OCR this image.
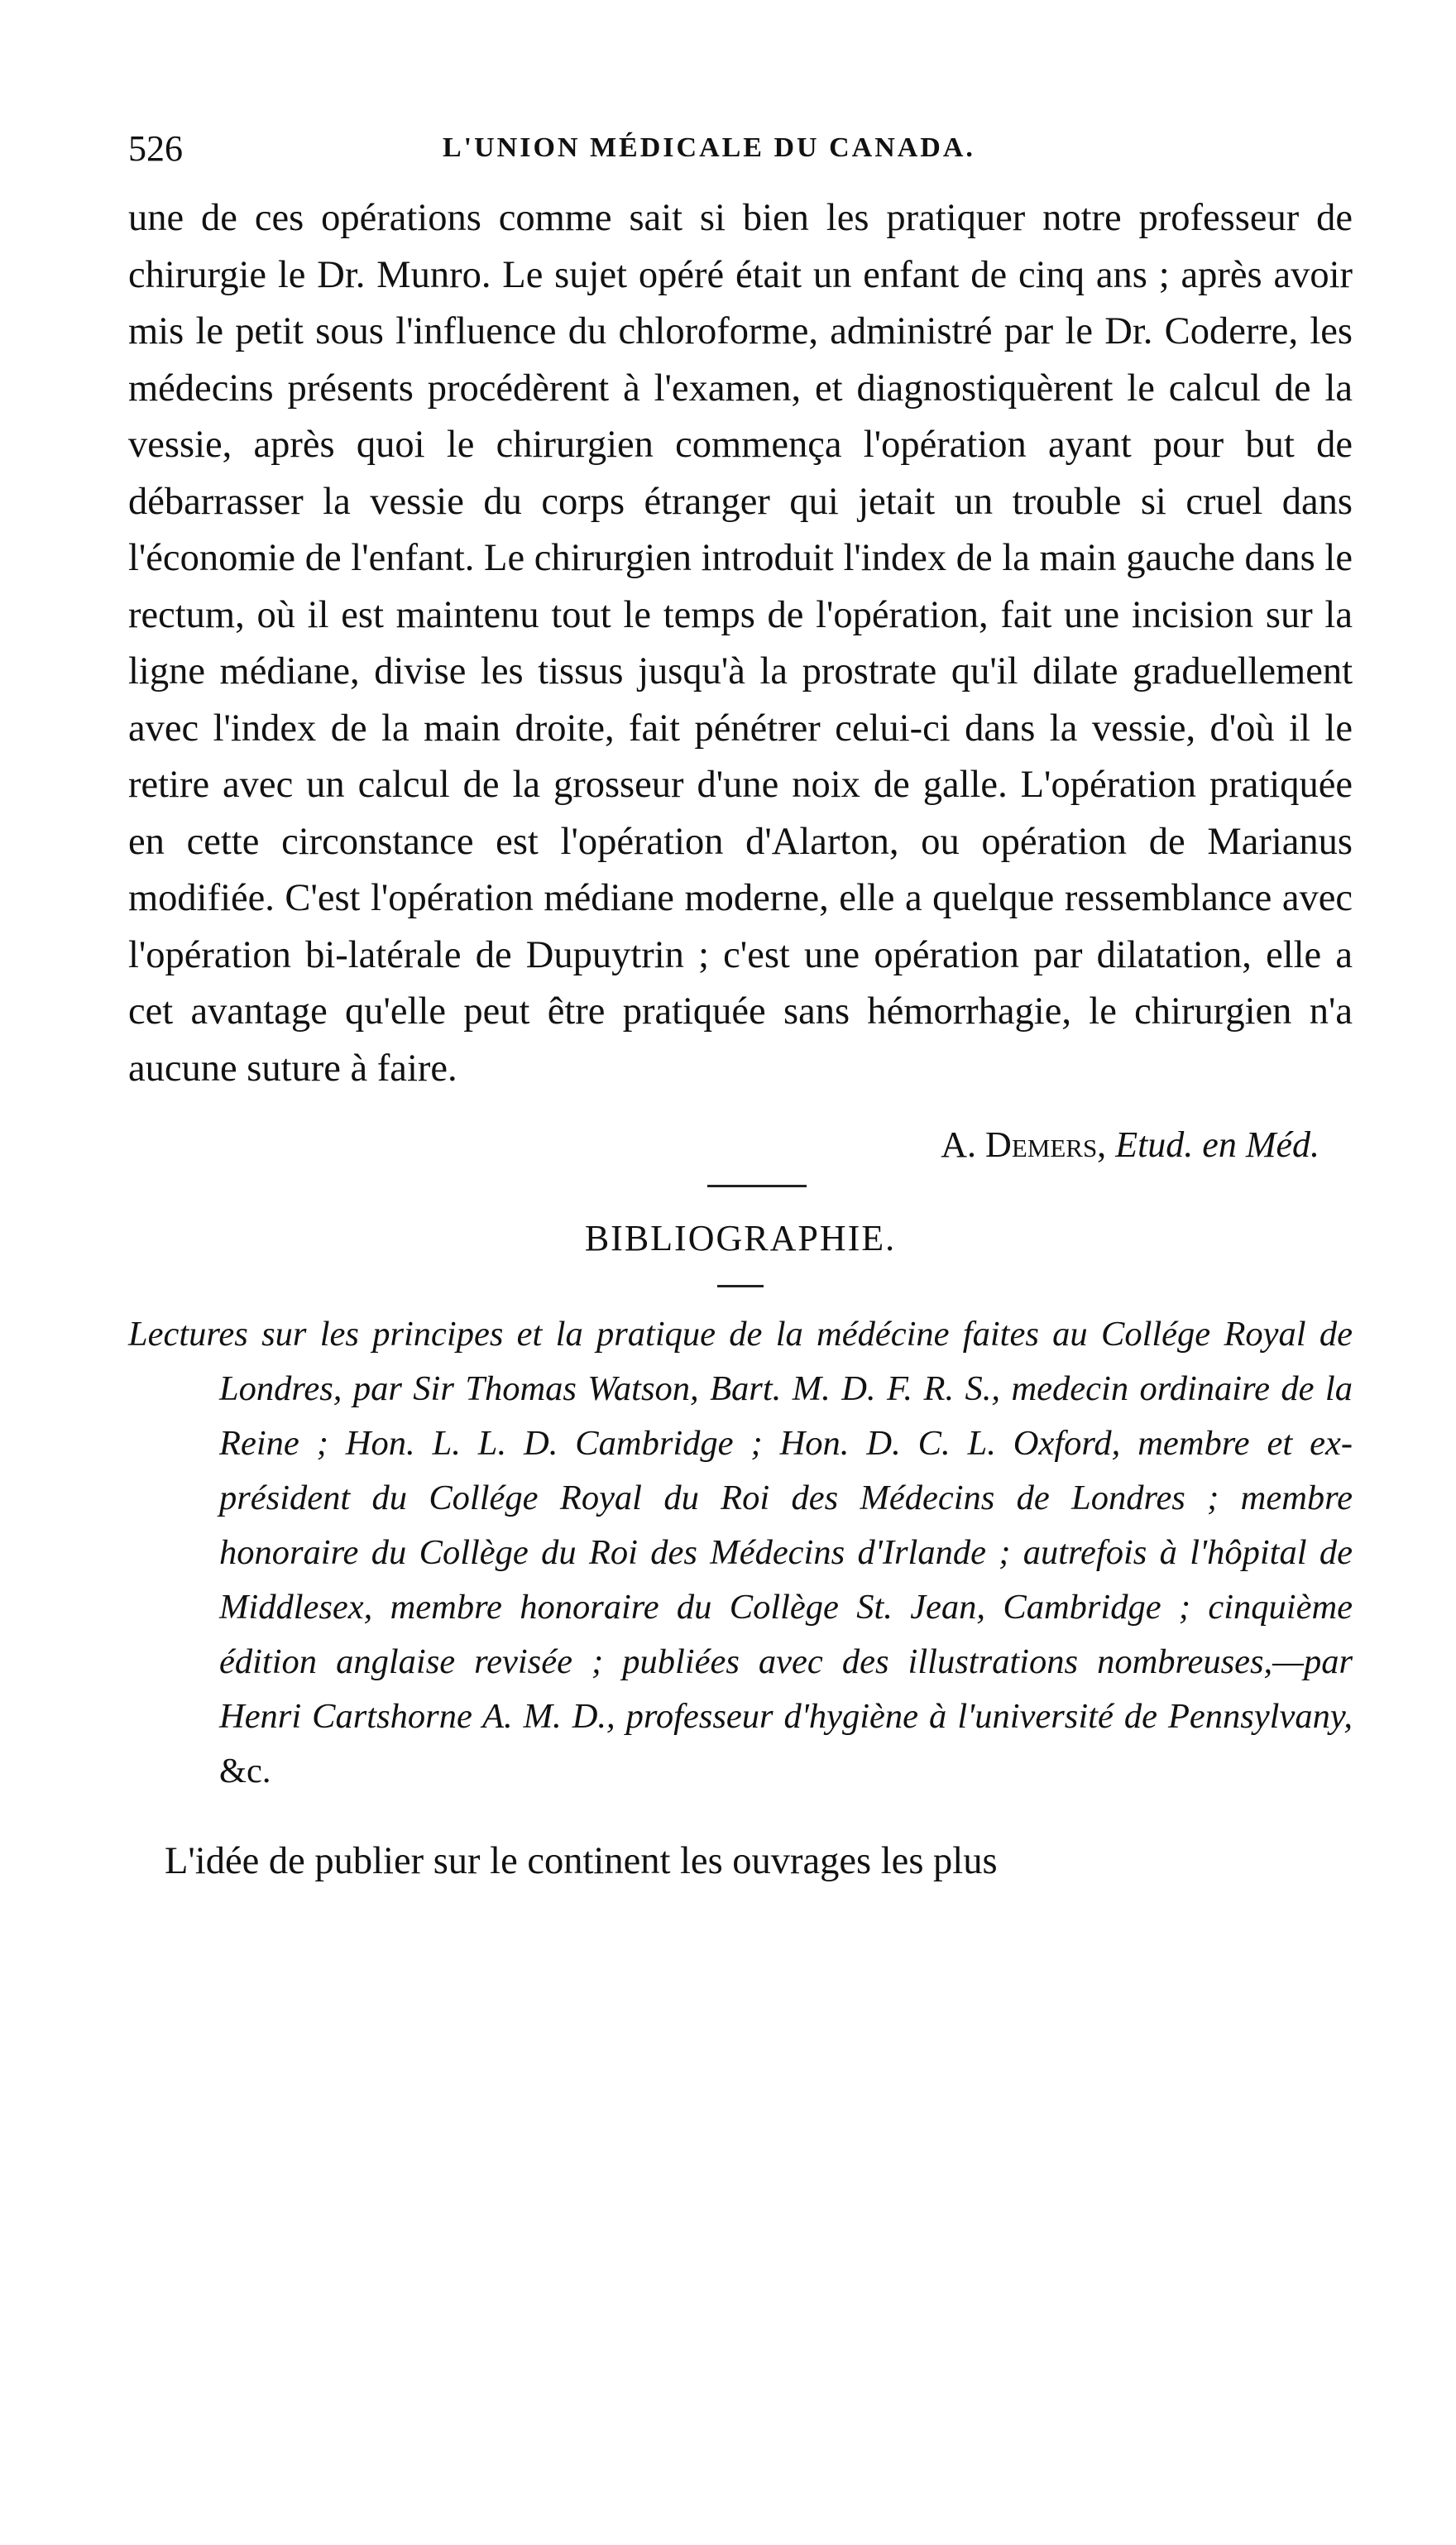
526	L'UNION MÉDICALE DU CANADA.

une de ces opérations comme sait si bien les pratiquer notre professeur de chirurgie le Dr. Munro. Le sujet opéré était un enfant de cinq ans ; après avoir mis le petit sous l'influence du chloroforme, administré par le Dr. Coderre, les médecins présents procédèrent à l'examen, et diagnostiquèrent le calcul de la vessie, après quoi le chirurgien commença l'opération ayant pour but de débarrasser la vessie du corps étranger qui jetait un trouble si cruel dans l'économie de l'enfant. Le chirurgien introduit l'index de la main gauche dans le rectum, où il est maintenu tout le temps de l'opération, fait une incision sur la ligne médiane, divise les tissus jusqu'à la prostrate qu'il dilate graduellement avec l'index de la main droite, fait pénétrer celui-ci dans la vessie, d'où il le retire avec un calcul de la grosseur d'une noix de galle. L'opération pratiquée en cette circonstance est l'opération d'Alarton, ou opération de Marianus modifiée. C'est l'opération médiane moderne, elle a quelque ressemblance avec l'opération bi-latérale de Dupuytrin ; c'est une opération par dilatation, elle a cet avantage qu'elle peut être pratiquée sans hémorrhagie, le chirurgien n'a aucune suture à faire.

A. Demers, Etud. en Méd.
BIBLIOGRAPHIE.

Lectures sur les principes et la pratique de la médécine faites au Collége Royal de Londres, par Sir Thomas Watson, Bart. M. D. F. R. S., medecin ordinaire de la Reine ; Hon. L. L. D. Cambridge ; Hon. D. C. L. Oxford, membre et ex-président du Collége Royal du Roi des Médecins de Londres ; membre honoraire du Collège du Roi des Médecins d'Irlande ; autrefois à l'hôpital de Middlesex, membre honoraire du Collège St. Jean, Cambridge ; cinquième édition anglaise revisée ; publiées avec des illustrations nombreuses,—par Henri Cartshorne A. M. D., professeur d'hygiène à l'université de Pennsylvany, &c.

L'idée de publier sur le continent les ouvrages les plus
